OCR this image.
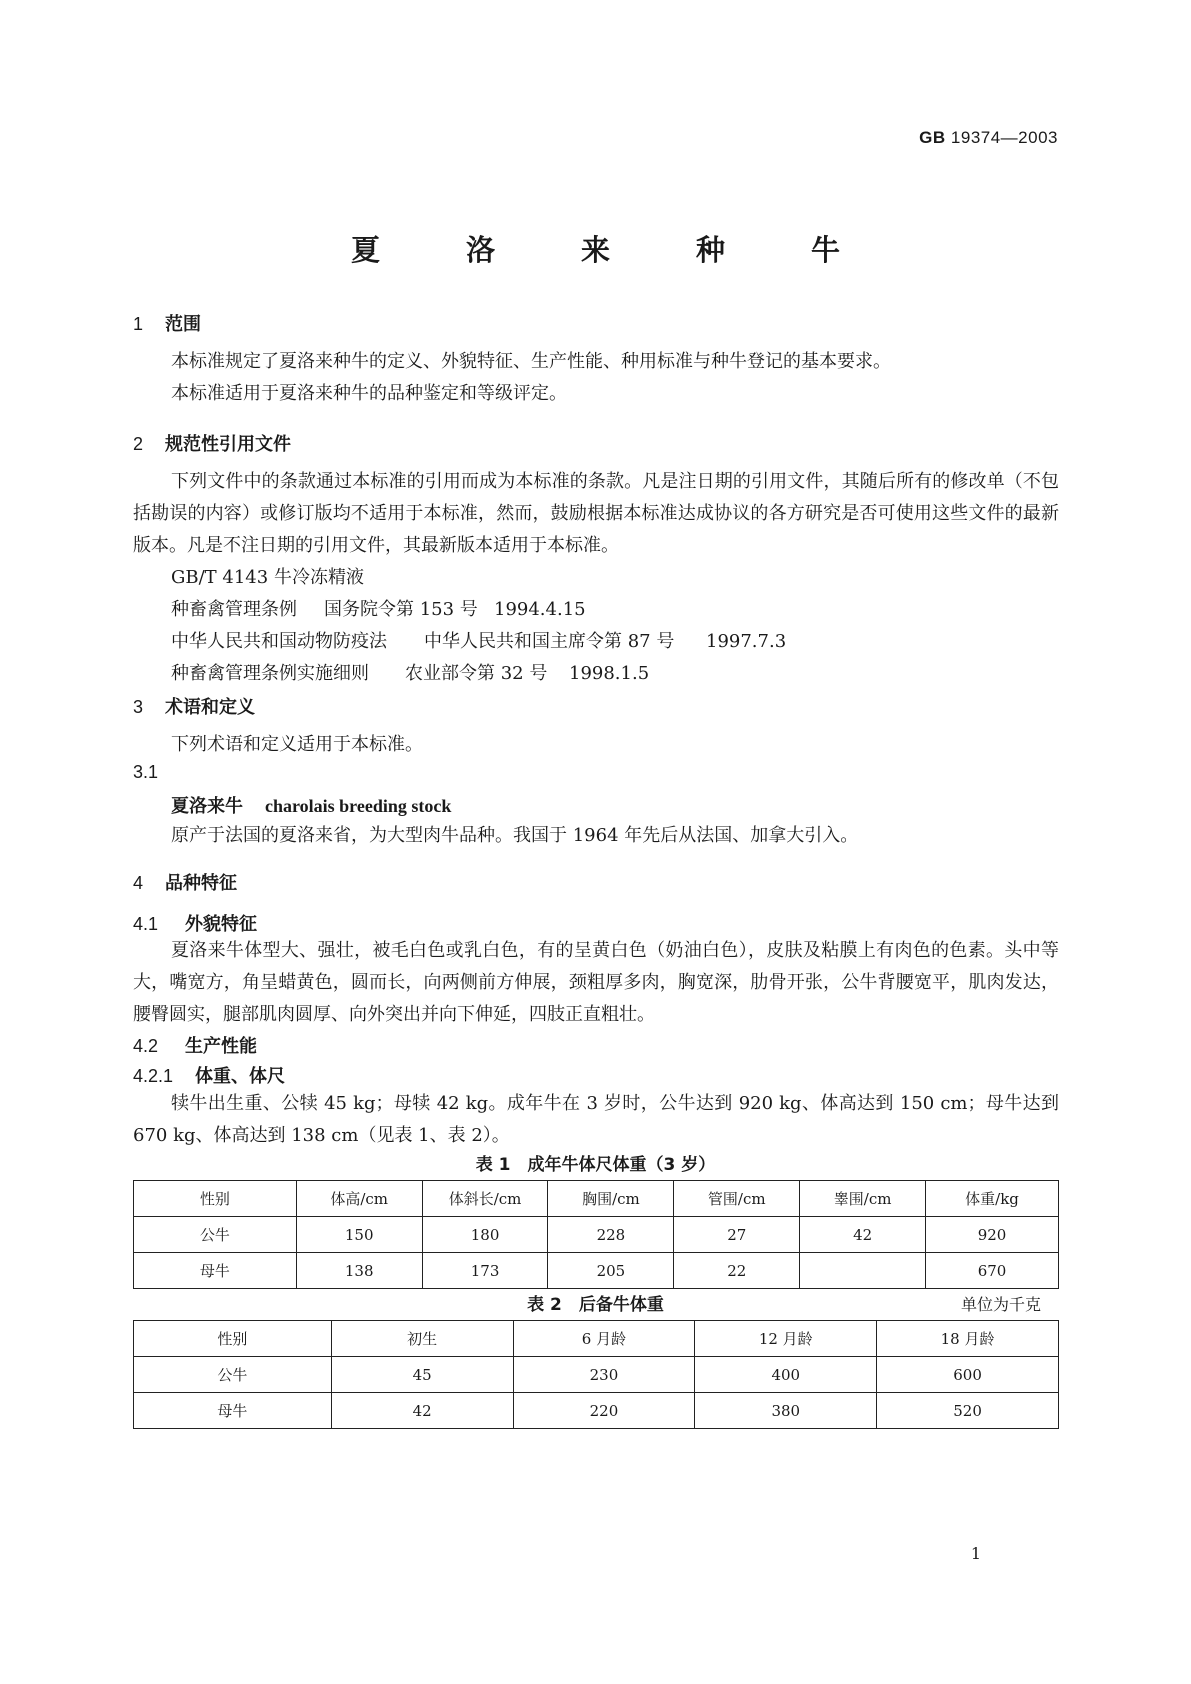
GB 19374—2003
夏	洛	来	种	牛
1 范围

本标准规定了夏洛来种牛的定义、外貌特征、生产性能、种用标准与种牛登记的基本要求。

本标准适用于夏洛来种牛的品种鉴定和等级评定。

2 规范性引用文件

下列文件中的条款通过本标准的引用而成为本标准的条款。凡是注日期的引用文件，其随后所有的修改单（不包括勘误的内容）或修订版均不适用于本标准，然而，鼓励根据本标准达成协议的各方研究是否可使用这些文件的最新版本。凡是不注日期的引用文件，其最新版本适用于本标准。

GB/T 4143 牛冷冻精液
种畜禽管理条例 国务院令第 153 号 1994.4.15
中华人民共和国动物防疫法 中华人民共和国主席令第 87 号 1997.7.3
种畜禽管理条例实施细则 农业部令第 32 号 1998.1.5
3 术语和定义

下列术语和定义适用于本标准。

3.1
夏洛来牛 charolais breeding stock

原产于法国的夏洛来省，为大型肉牛品种。我国于 1964 年先后从法国、加拿大引入。

4 品种特征
4.1 外貌特征

夏洛来牛体型大、强壮，被毛白色或乳白色，有的呈黄白色（奶油白色），皮肤及粘膜上有肉色的色素。头中等大，嘴宽方，角呈蜡黄色，圆而长，向两侧前方伸展，颈粗厚多肉，胸宽深，肋骨开张，公牛背腰宽平，肌肉发达，腰臀圆实，腿部肌肉圆厚、向外突出并向下伸延，四肢正直粗壮。

4.2 生产性能
4.2.1 体重、体尺

犊牛出生重、公犊 45 kg；母犊 42 kg。成年牛在 3 岁时，公牛达到 920 kg、体高达到 150 cm；母牛达到 670 kg、体高达到 138 cm（见表 1、表 2）。

表 1　成年牛体尺体重（3 岁）
性别	体高/cm	体斜长/cm	胸围/cm	管围/cm	睾围/cm	体重/kg
公牛	150	180	228	27	42	920
母牛	138	173	205	22		670
表 2　后备牛体重	单位为千克
性别	初生	6 月龄	12 月龄	18 月龄
公牛	45	230	400	600
母牛	42	220	380	520
1
